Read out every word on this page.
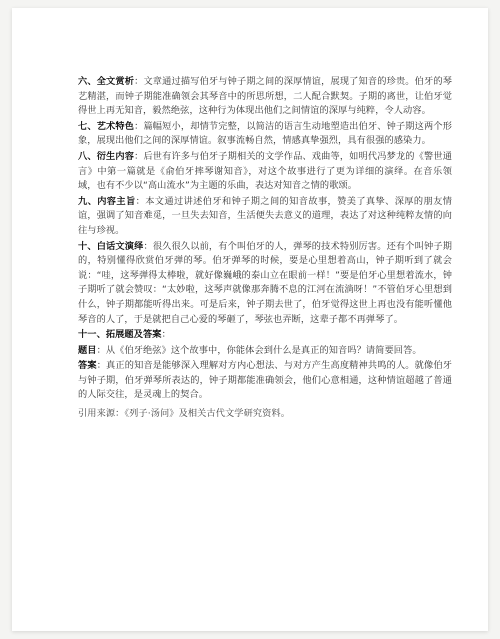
六、全文赏析：文章通过描写伯牙与钟子期之间的深厚情谊，展现了知音的珍贵。伯牙的琴艺精湛，而钟子期能准确领会其琴音中的所思所想，二人配合默契。子期的离世，让伯牙觉得世上再无知音，毅然绝弦，这种行为体现出他们之间情谊的深厚与纯粹，令人动容。

七、艺术特色：篇幅短小，却情节完整，以简洁的语言生动地塑造出伯牙、钟子期这两个形象，展现出他们之间的深厚情谊。叙事流畅自然，情感真挚强烈，具有很强的感染力。

八、衍生内容：后世有许多与伯牙子期相关的文学作品、戏曲等，如明代冯梦龙的《警世通言》中第一篇就是《俞伯牙摔琴谢知音》，对这个故事进行了更为详细的演绎。在音乐领域，也有不少以“高山流水”为主题的乐曲，表达对知音之情的歌颂。

九、内容主旨：本文通过讲述伯牙和钟子期之间的知音故事，赞美了真挚、深厚的朋友情谊，强调了知音难觅，一旦失去知音，生活便失去意义的道理，表达了对这种纯粹友情的向往与珍视。

十、白话文演绎：很久很久以前，有个叫伯牙的人，弹琴的技术特别厉害。还有个叫钟子期的，特别懂得欣赏伯牙弹的琴。伯牙弹琴的时候，要是心里想着高山，钟子期听到了就会说：“哇，这琴弹得太棒啦，就好像巍峨的泰山立在眼前一样！”要是伯牙心里想着流水，钟子期听了就会赞叹：“太妙啦，这琴声就像那奔腾不息的江河在流淌呀！”不管伯牙心里想到什么，钟子期都能听得出来。可是后来，钟子期去世了，伯牙觉得这世上再也没有能听懂他琴音的人了，于是就把自己心爱的琴砸了，琴弦也弄断，这辈子都不再弹琴了。

十一、拓展题及答案：

题目：从《伯牙绝弦》这个故事中，你能体会到什么是真正的知音吗？请简要回答。

答案：真正的知音是能够深入理解对方内心想法、与对方产生高度精神共鸣的人。就像伯牙与钟子期，伯牙弹琴所表达的，钟子期都能准确领会，他们心意相通，这种情谊超越了普通的人际交往，是灵魂上的契合。

引用来源：《列子·汤问》及相关古代文学研究资料。
